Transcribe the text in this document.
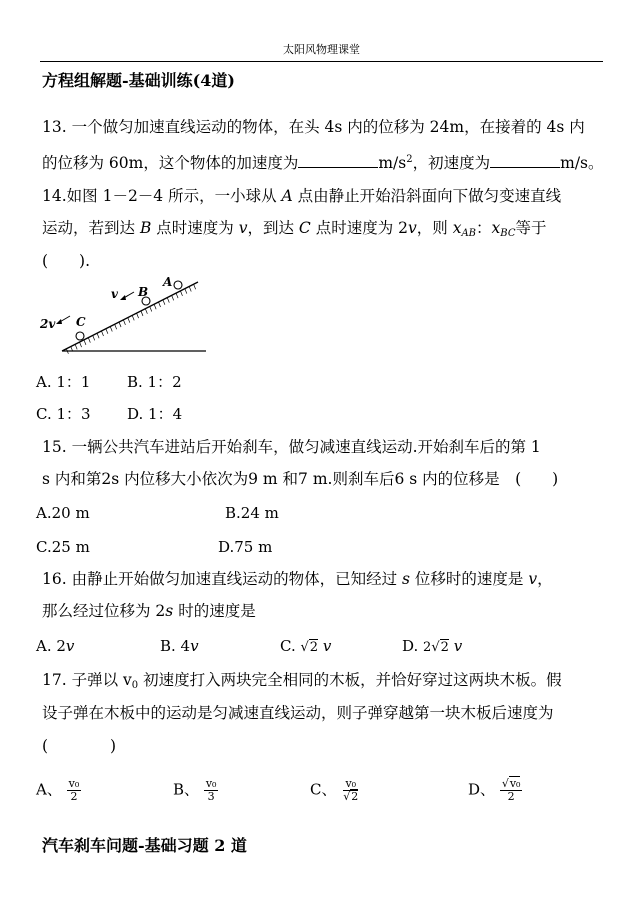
太阳风物理课堂
方程组解题-基础训练(4道)
13. 一个做匀加速直线运动的物体，在头 4s 内的位移为 24m，在接着的 4s 内
的位移为 60m，这个物体的加速度为	$m/s^2$，初速度为	m/s。
14.如图 1－2－4 所示，一小球从 A 点由静止开始沿斜面向下做匀变速直线
运动，若到达 B 点时速度为 v，到达 C 点时速度为 2v，则 $x_{AB}$：$x_{BC}$等于
(　　).
A
B
C
v
2v
A. 1：1 B. 1：2
C. 1：3 D. 1：4
15. 一辆公共汽车进站后开始刹车，做匀减速直线运动.开始刹车后的第 1
s 内和第2s 内位移大小依次为9 m 和7 m.则刹车后6 s 内的位移是　(　　)
A.20 m	B.24 m
C.25 m	D.75 m
16. 由静止开始做匀加速直线运动的物体，已知经过 s 位移时的速度是 v，
那么经过位移为 2s 时的速度是
A. 2v	B. 4v	C. √2 v	D. 2√2 v
17. 子弹以 $v_0$ 初速度打入两块完全相同的木板，并恰好穿过这两块木板。假
设子弹在木板中的运动是匀减速直线运动，则子弹穿越第一块木板后速度为
(　　　　)
A、 $\frac{\text{v₀}}{2}$	B、 $\frac{\text{v₀}}{3}$	C、 $\frac{\text{v₀}}{√2}$	D、 $\frac{\text{√v₀}}{2}$
汽车刹车问题-基础习题 2 道
